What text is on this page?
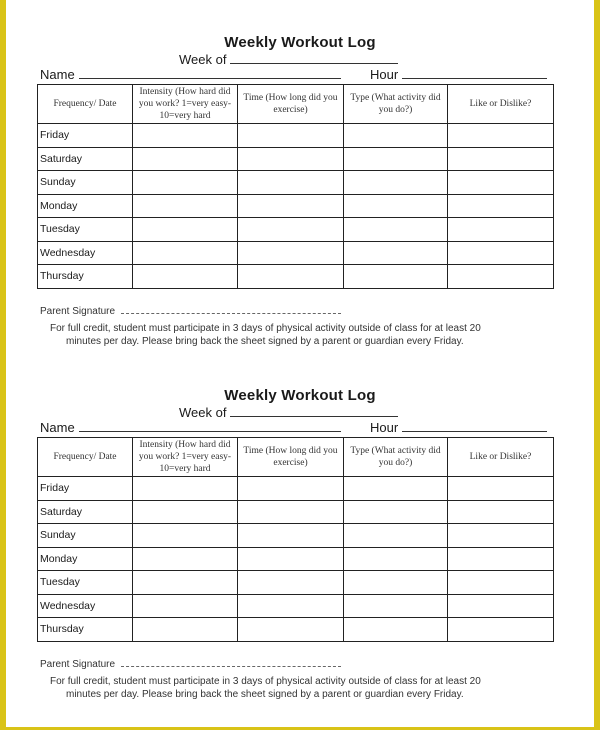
Weekly Workout Log
Week of
Name	Hour
Frequency/ Date	Intensity (How hard did you work? 1=very easy-10=very hard	Time (How long did you exercise)	Type (What activity did you do?)	Like or Dislike?
Friday				
Saturday				
Sunday				
Monday				
Tuesday				
Wednesday				
Thursday				
Parent Signature
For full credit, student must participate in 3 days of physical activity outside of class for at least 20
minutes per day. Please bring back the sheet signed by a parent or guardian every Friday.
Weekly Workout Log
Week of
Name	Hour
Frequency/ Date	Intensity (How hard did you work? 1=very easy-10=very hard	Time (How long did you exercise)	Type (What activity did you do?)	Like or Dislike?
Friday				
Saturday				
Sunday				
Monday				
Tuesday				
Wednesday				
Thursday				
Parent Signature
For full credit, student must participate in 3 days of physical activity outside of class for at least 20
minutes per day. Please bring back the sheet signed by a parent or guardian every Friday.
